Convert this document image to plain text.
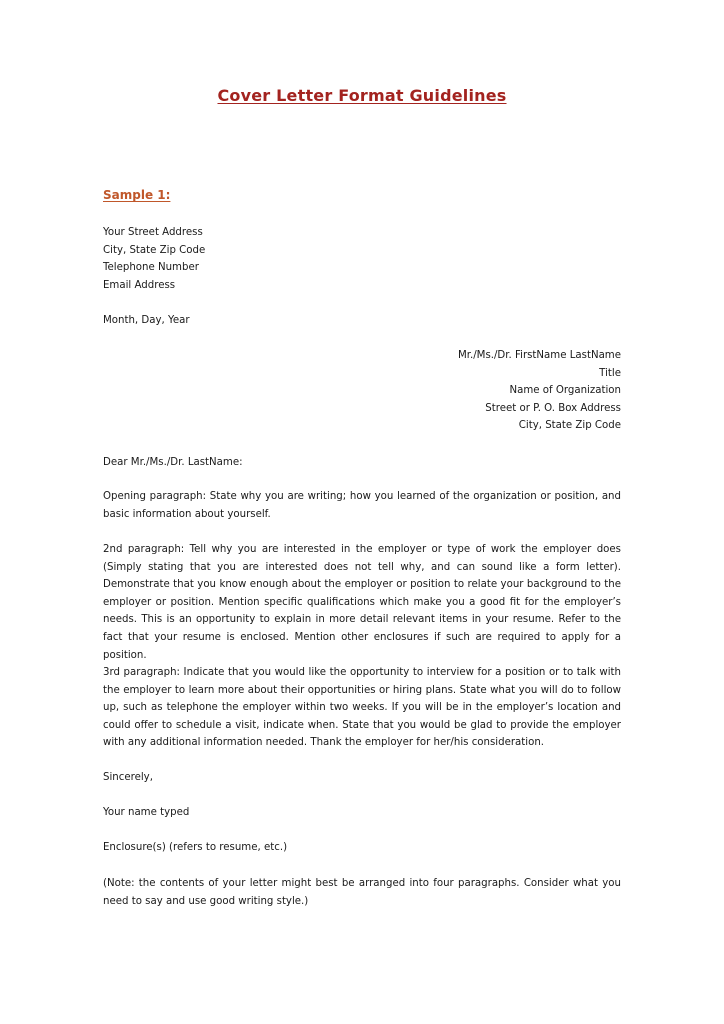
Cover Letter Format Guidelines
Sample 1:
Your Street Address
City, State Zip Code
Telephone Number
Email Address
Month, Day, Year
Mr./Ms./Dr. FirstName LastName
Title
Name of Organization
Street or P. O. Box Address
City, State Zip Code
Dear Mr./Ms./Dr. LastName:
Opening paragraph: State why you are writing; how you learned of the organization or position, and basic information about yourself.
2nd paragraph: Tell why you are interested in the employer or type of work the employer does (Simply stating that you are interested does not tell why, and can sound like a form letter). Demonstrate that you know enough about the employer or position to relate your background to the employer or position. Mention specific qualifications which make you a good fit for the employer’s needs. This is an opportunity to explain in more detail relevant items in your resume. Refer to the fact that your resume is enclosed. Mention other enclosures if such are required to apply for a position.
3rd paragraph: Indicate that you would like the opportunity to interview for a position or to talk with the employer to learn more about their opportunities or hiring plans. State what you will do to follow up, such as telephone the employer within two weeks. If you will be in the employer’s location and could offer to schedule a visit, indicate when. State that you would be glad to provide the employer with any additional information needed. Thank the employer for her/his consideration.
Sincerely,
Your name typed
Enclosure(s) (refers to resume, etc.)
(Note: the contents of your letter might best be arranged into four paragraphs. Consider what you need to say and use good writing style.)
